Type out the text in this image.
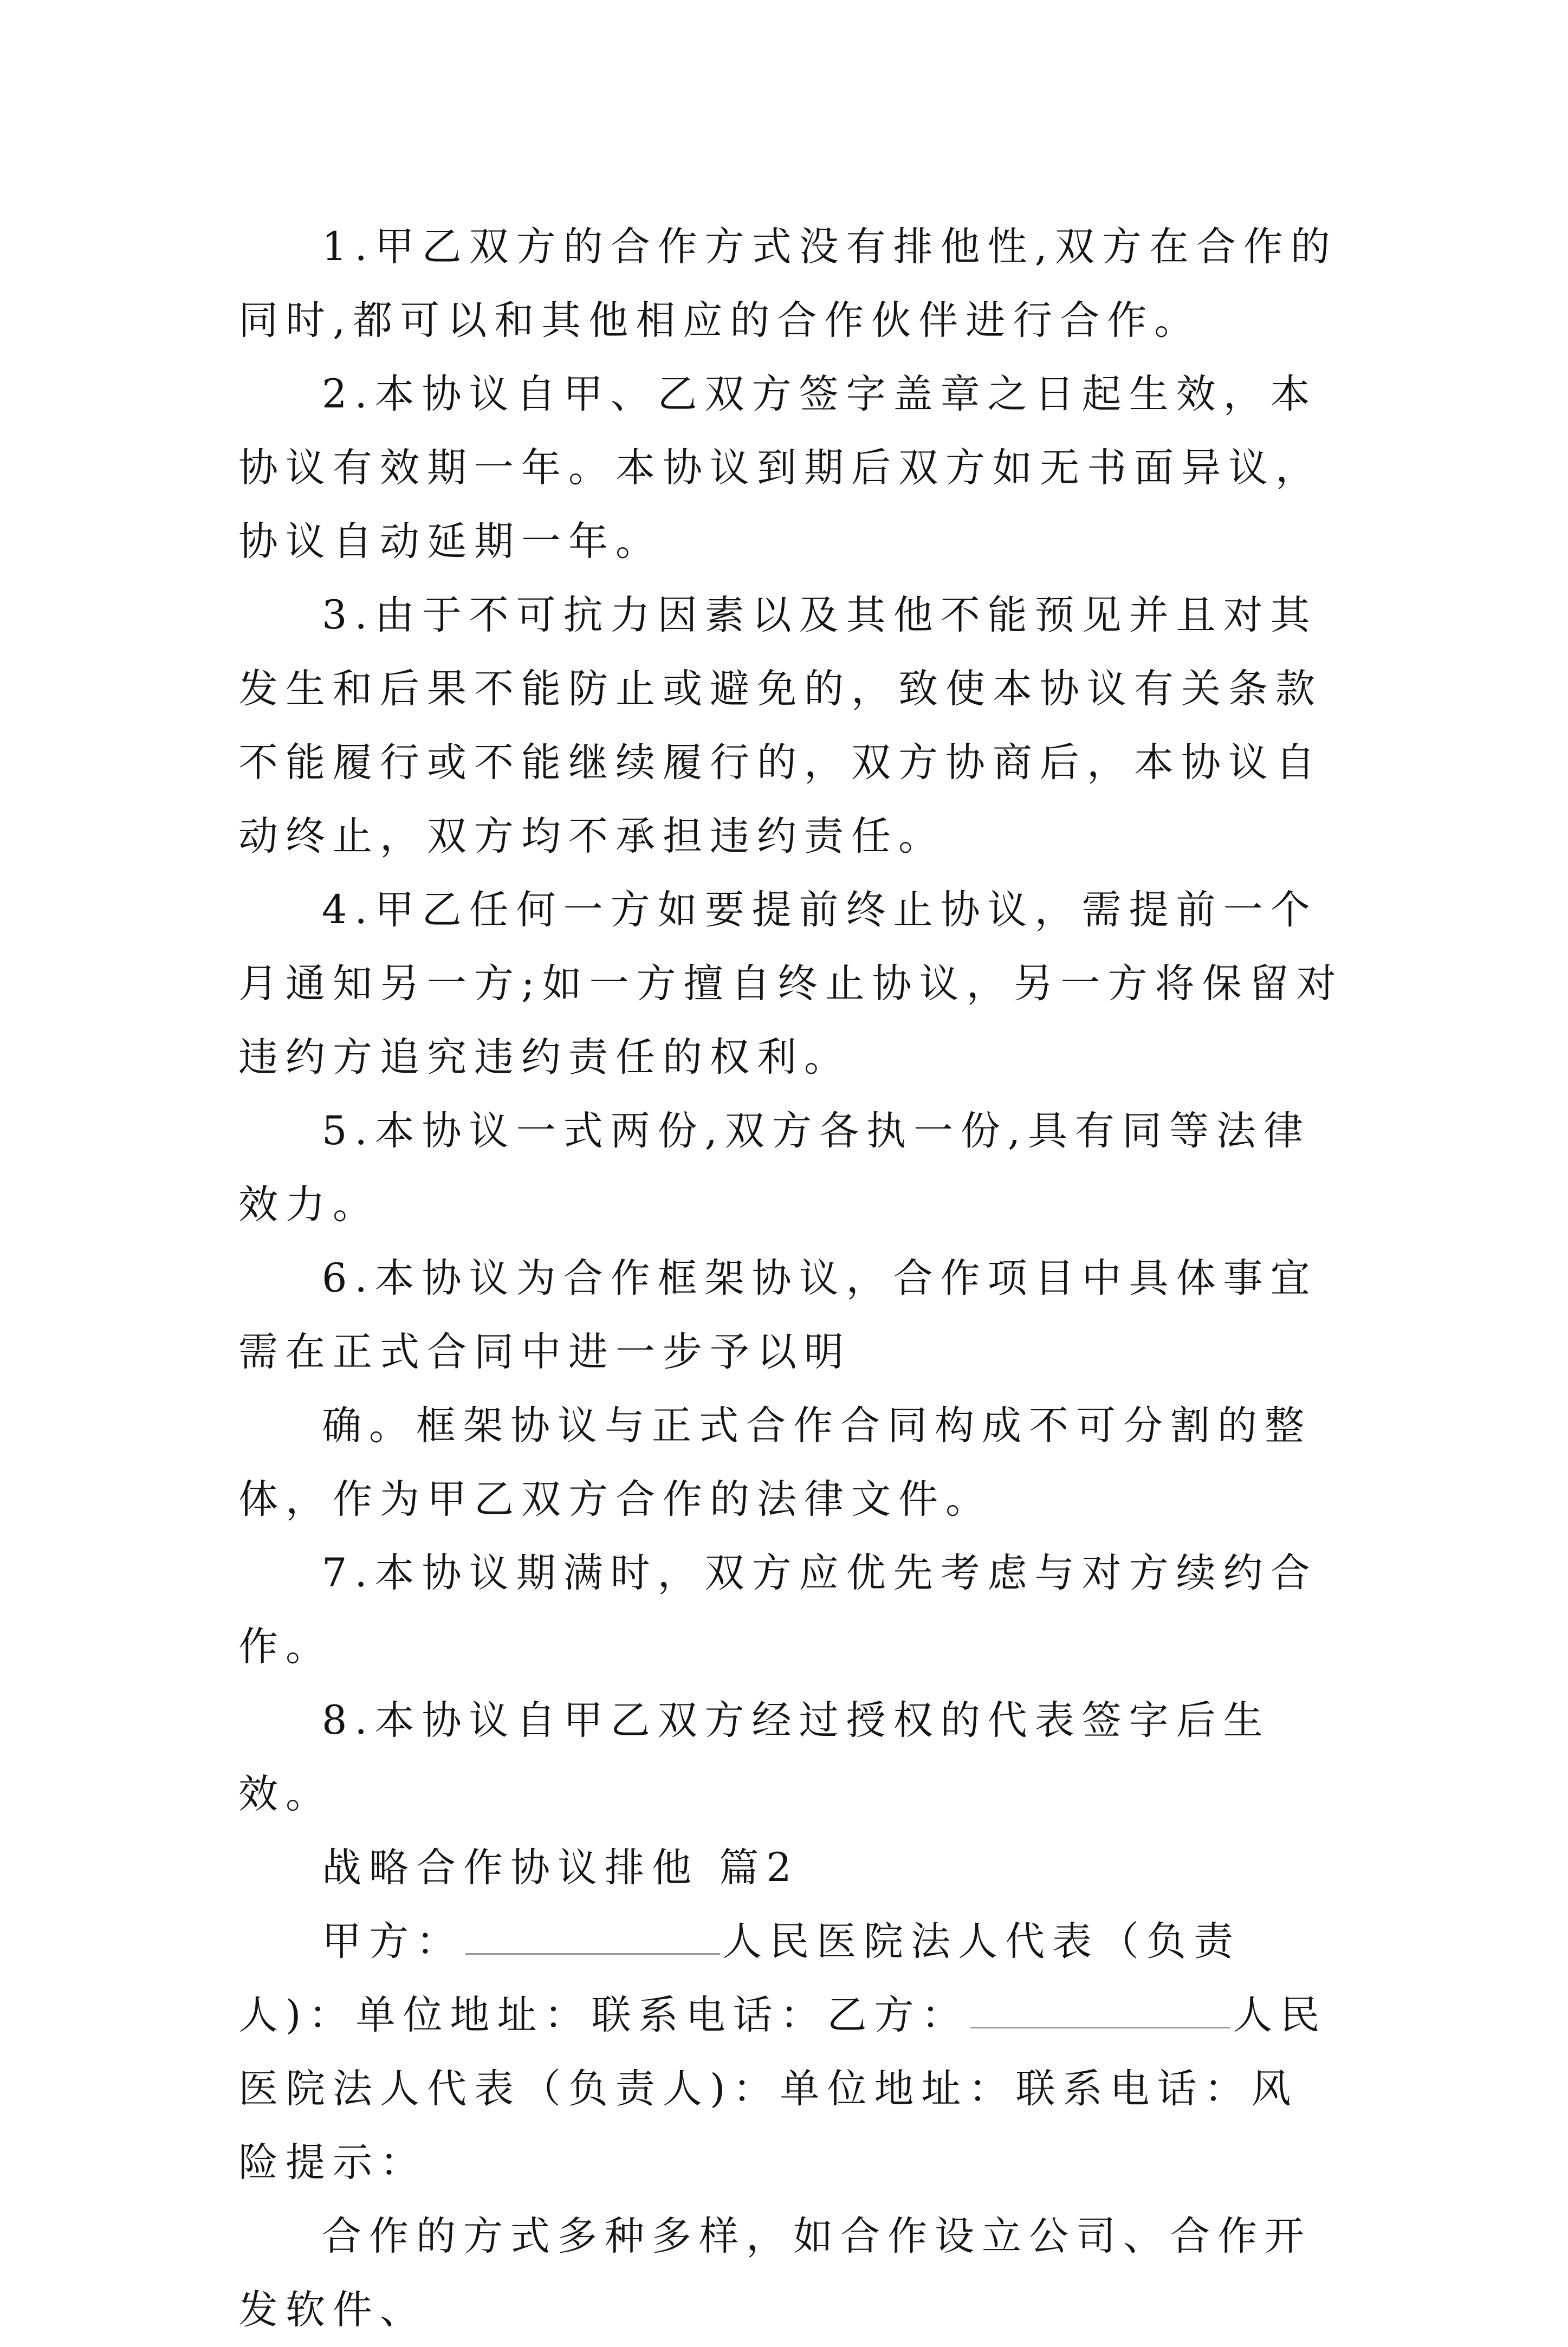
1.甲乙双方的合作方式没有排他性,双方在合作的同时,都可以和其他相应的合作伙伴进行合作。

2.本协议自甲、乙双方签字盖章之日起生效，本协议有效期一年。本协议到期后双方如无书面异议，协议自动延期一年。

3.由于不可抗力因素以及其他不能预见并且对其发生和后果不能防止或避免的，致使本协议有关条款不能履行或不能继续履行的，双方协商后，本协议自动终止，双方均不承担违约责任。

4.甲乙任何一方如要提前终止协议，需提前一个月通知另一方;如一方擅自终止协议，另一方将保留对违约方追究违约责任的权利。

5.本协议一式两份,双方各执一份,具有同等法律效力。

6.本协议为合作框架协议，合作项目中具体事宜需在正式合同中进一步予以明

确。框架协议与正式合作合同构成不可分割的整体，作为甲乙双方合作的法律文件。

7.本协议期满时，双方应优先考虑与对方续约合作。

8.本协议自甲乙双方经过授权的代表签字后生效。

战略合作协议排他 篇2

甲方：	人民医院法人代表（负责人)：单位地址：联系电话：乙方：	人民医院法人代表（负责人)：单位地址：联系电话：风险提示：

合作的方式多种多样，如合作设立公司、合作开发软件、
